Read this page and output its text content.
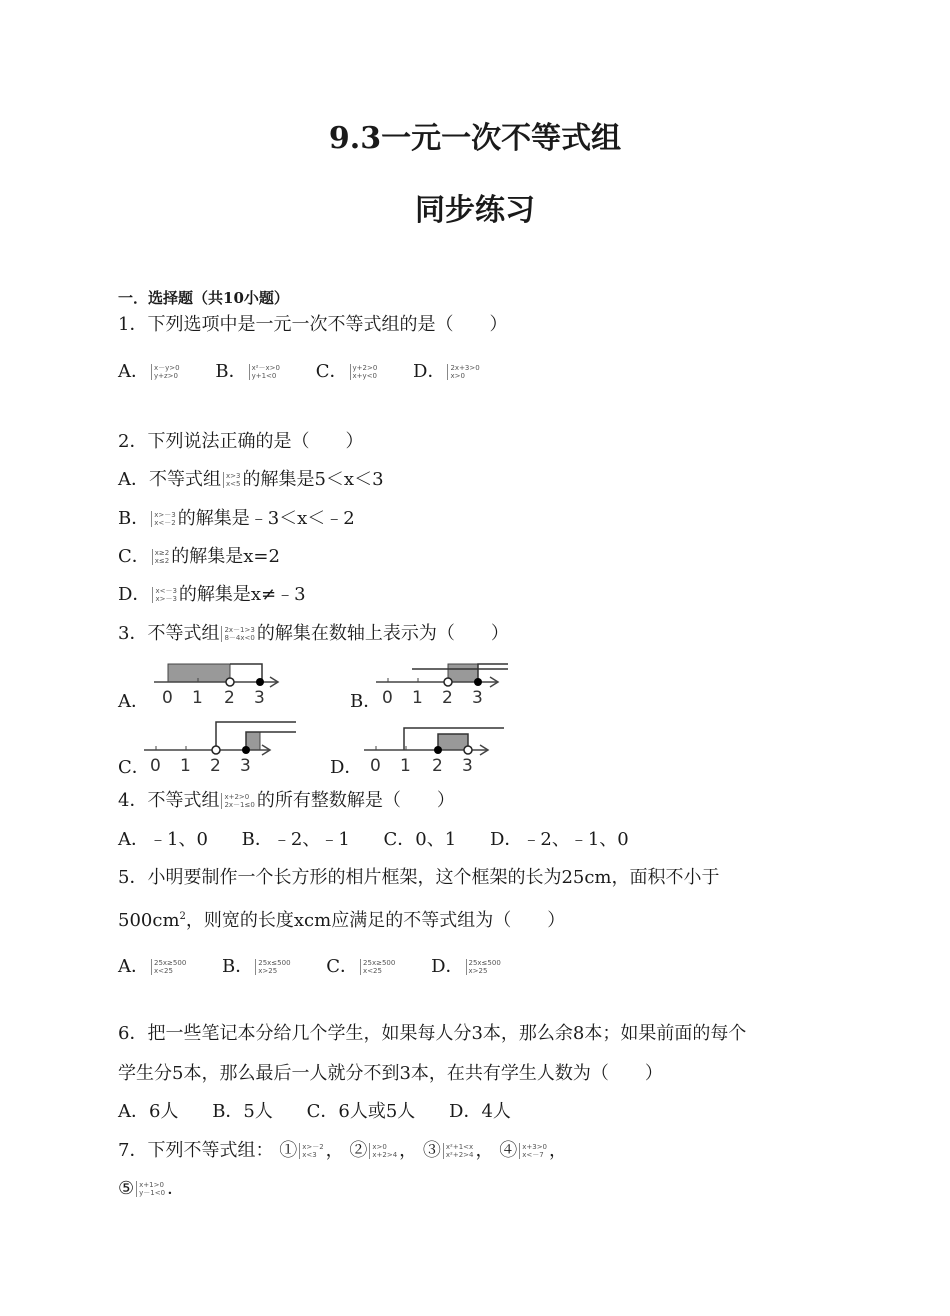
9.3一元一次不等式组
同步练习
一．选择题（共10小题）
1．下列选项中是一元一次不等式组的是（　　）
A． x－y>0
y+z>0 B． x²－x>0
y+1<0 C． y+2>0
x+y<0 D． 2x+3>0
x>0
2．下列说法正确的是（　　）
A．不等式组 x>3
x<5 的解集是5＜x＜3
B． x>－3
x<－2 的解集是﹣3＜x＜﹣2
C． x≥2
x≤2 的解集是x=2
D． x<－3
x>－3 的解集是x≠﹣3
3．不等式组 2x－1>3
8－4x<0 的解集在数轴上表示为（　　）
A． 0 1 2 3	B． 0 1 2 3
C． 0 1 2 3	D． 0 1 2 3
4．不等式组 x+2>0
2x－1≤0 的所有整数解是（　　）
A．﹣1、0 B．﹣2、﹣1 C．0、1 D．﹣2、﹣1、0
5．小明要制作一个长方形的相片框架，这个框架的长为25cm，面积不小于
$500cm^2$，则宽的长度xcm应满足的不等式组为（　　）
A． 25x≥500
x<25	B． 25x≤500
x>25	C． 25x≥500
x<25	D． 25x≤500
x>25
6．把一些笔记本分给几个学生，如果每人分3本，那么余8本；如果前面的每个
学生分5本，那么最后一人就分不到3本，在共有学生人数为（　　）
A．6人 B．5人 C．6人或5人 D．4人
7．下列不等式组： ① x>－2
x<3 ， ② x>0
x+2>4 ， ③ x²+1<x
x²+2>4 ， ④ x+3>0
x<－7 ，
⑤ x+1>0
y－1<0 ．
